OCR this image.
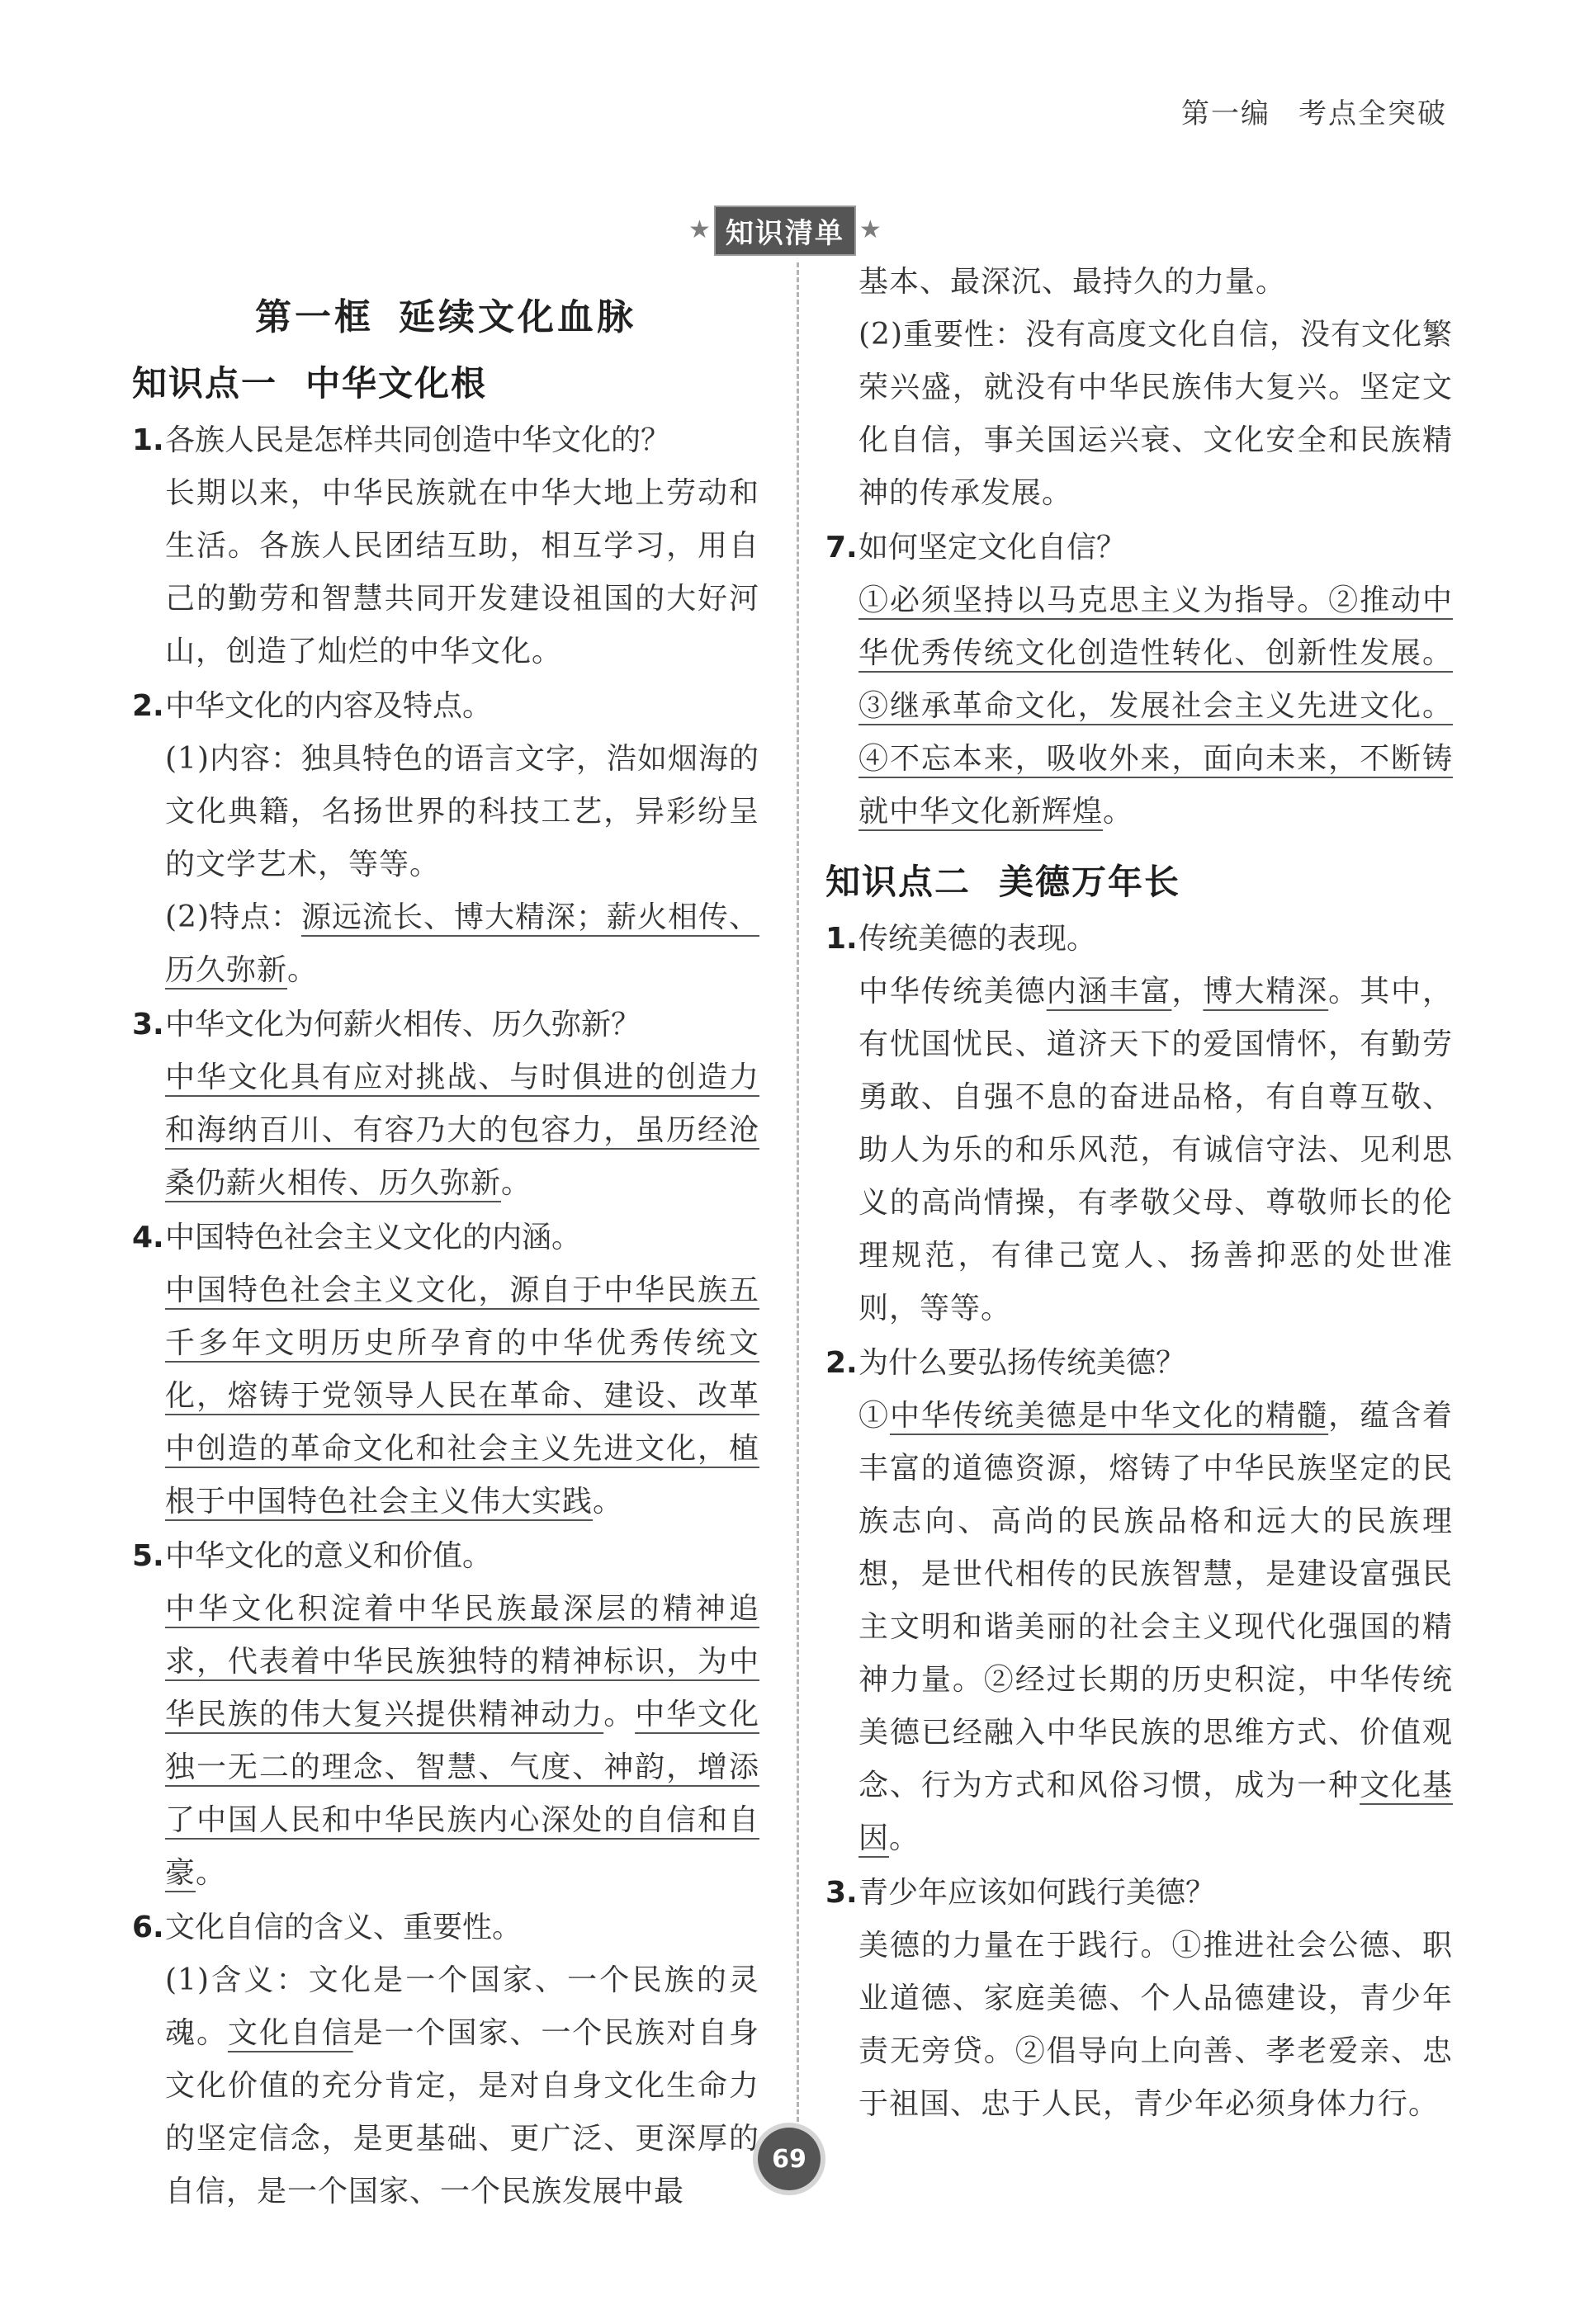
第一编 考点全突破
★ 知识清单 ★
第一框 延续文化血脉
知识点一 中华文化根
1. 各族人民是怎样共同创造中华文化的？
长期以来，中华民族就在中华大地上劳动和生活。各族人民团结互助，相互学习，用自己的勤劳和智慧共同开发建设祖国的大好河山，创造了灿烂的中华文化。
2. 中华文化的内容及特点。
(1)内容：独具特色的语言文字，浩如烟海的文化典籍，名扬世界的科技工艺，异彩纷呈的文学艺术，等等。
(2)特点：源远流长、博大精深；薪火相传、历久弥新。
3. 中华文化为何薪火相传、历久弥新？
中华文化具有应对挑战、与时俱进的创造力和海纳百川、有容乃大的包容力，虽历经沧桑仍薪火相传、历久弥新。
4. 中国特色社会主义文化的内涵。
中国特色社会主义文化，源自于中华民族五千多年文明历史所孕育的中华优秀传统文化，熔铸于党领导人民在革命、建设、改革中创造的革命文化和社会主义先进文化，植根于中国特色社会主义伟大实践。
5. 中华文化的意义和价值。
中华文化积淀着中华民族最深层的精神追求，代表着中华民族独特的精神标识，为中华民族的伟大复兴提供精神动力。中华文化独一无二的理念、智慧、气度、神韵，增添了中国人民和中华民族内心深处的自信和自豪。
6. 文化自信的含义、重要性。
(1)含义：文化是一个国家、一个民族的灵魂。文化自信是一个国家、一个民族对自身文化价值的充分肯定，是对自身文化生命力的坚定信念，是更基础、更广泛、更深厚的自信，是一个国家、一个民族发展中最
基本、最深沉、最持久的力量。
(2)重要性：没有高度文化自信，没有文化繁荣兴盛，就没有中华民族伟大复兴。坚定文化自信，事关国运兴衰、文化安全和民族精神的传承发展。
7. 如何坚定文化自信？
①必须坚持以马克思主义为指导。②推动中华优秀传统文化创造性转化、创新性发展。③继承革命文化，发展社会主义先进文化。④不忘本来，吸收外来，面向未来，不断铸就中华文化新辉煌。
知识点二 美德万年长
1. 传统美德的表现。
中华传统美德内涵丰富，博大精深。其中，有忧国忧民、道济天下的爱国情怀，有勤劳勇敢、自强不息的奋进品格，有自尊互敬、助人为乐的和乐风范，有诚信守法、见利思义的高尚情操，有孝敬父母、尊敬师长的伦理规范，有律己宽人、扬善抑恶的处世准则，等等。
2. 为什么要弘扬传统美德？
①中华传统美德是中华文化的精髓，蕴含着丰富的道德资源，熔铸了中华民族坚定的民族志向、高尚的民族品格和远大的民族理想，是世代相传的民族智慧，是建设富强民主文明和谐美丽的社会主义现代化强国的精神力量。②经过长期的历史积淀，中华传统美德已经融入中华民族的思维方式、价值观念、行为方式和风俗习惯，成为一种文化基因。
3. 青少年应该如何践行美德？
美德的力量在于践行。①推进社会公德、职业道德、家庭美德、个人品德建设，青少年责无旁贷。②倡导向上向善、孝老爱亲、忠于祖国、忠于人民，青少年必须身体力行。
69
